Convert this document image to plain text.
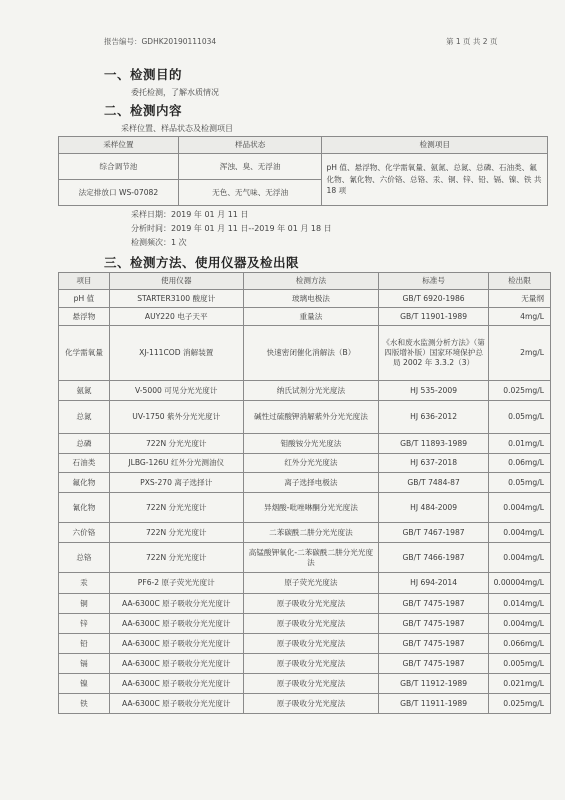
报告编号：GDHK20190111034	第 1 页 共 2 页
一、检测目的
委托检测，了解水质情况
二、检测内容
采样位置、样品状态及检测项目
采样位置	样品状态	检测项目
综合调节池	浑浊、臭、无浮油	pH 值、悬浮物、化学需氧量、氨氮、总氮、总磷、石油类、氟化物、氰化物、六价铬、总铬、汞、铜、锌、铅、镉、镍、铁 共 18 项
法定排放口 WS-07082	无色、无气味、无浮油	
采样日期：2019 年 01 月 11 日
分析时间：2019 年 01 月 11 日--2019 年 01 月 18 日
检测频次：1 次
三、检测方法、使用仪器及检出限
项目	使用仪器	检测方法	标准号	检出限
pH 值	STARTER3100 酸度计	玻璃电极法	GB/T 6920-1986	无量纲
悬浮物	AUY220 电子天平	重量法	GB/T 11901-1989	4mg/L
化学需氧量	XJ-111COD 消解装置	快速密闭催化消解法（B）	《水和废水监测分析方法》（第四版增补版）国家环境保护总局 2002 年 3.3.2（3）	2mg/L
氨氮	V-5000 可见分光光度计	纳氏试剂分光光度法	HJ 535-2009	0.025mg/L
总氮	UV-1750 紫外分光光度计	碱性过硫酸钾消解紫外分光光度法	HJ 636-2012	0.05mg/L
总磷	722N 分光光度计	钼酸铵分光光度法	GB/T 11893-1989	0.01mg/L
石油类	JLBG-126U 红外分光测油仪	红外分光光度法	HJ 637-2018	0.06mg/L
氟化物	PXS-270 离子选择计	离子选择电极法	GB/T 7484-87	0.05mg/L
氰化物	722N 分光光度计	异烟酸-吡唑啉酮分光光度法	HJ 484-2009	0.004mg/L
六价铬	722N 分光光度计	二苯碳酰二肼分光光度法	GB/T 7467-1987	0.004mg/L
总铬	722N 分光光度计	高锰酸钾氧化-二苯碳酰二肼分光光度法	GB/T 7466-1987	0.004mg/L
汞	PF6-2 原子荧光光度计	原子荧光光度法	HJ 694-2014	0.00004mg/L
铜	AA-6300C 原子吸收分光光度计	原子吸收分光光度法	GB/T 7475-1987	0.014mg/L
锌	AA-6300C 原子吸收分光光度计	原子吸收分光光度法	GB/T 7475-1987	0.004mg/L
铅	AA-6300C 原子吸收分光光度计	原子吸收分光光度法	GB/T 7475-1987	0.066mg/L
镉	AA-6300C 原子吸收分光光度计	原子吸收分光光度法	GB/T 7475-1987	0.005mg/L
镍	AA-6300C 原子吸收分光光度计	原子吸收分光光度法	GB/T 11912-1989	0.021mg/L
铁	AA-6300C 原子吸收分光光度计	原子吸收分光光度法	GB/T 11911-1989	0.025mg/L
